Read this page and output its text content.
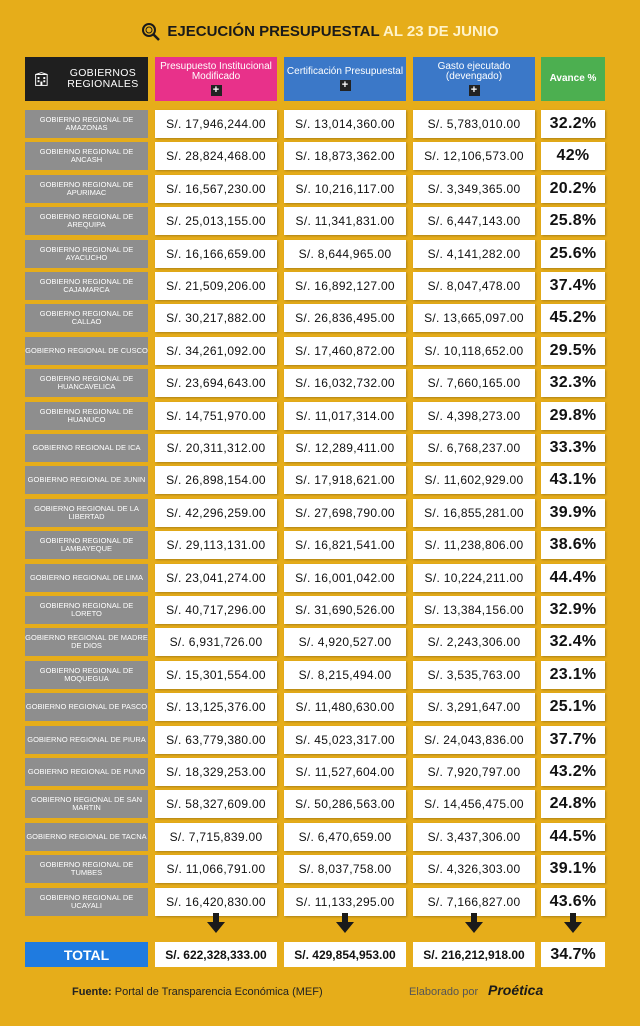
EJECUCIÓN PRESUPUESTAL AL 23 DE JUNIO
GOBIERNOS REGIONALES
Presupuesto Institucional Modificado
+
Certificación Presupuestal
+
Gasto ejecutado (devengado)
+
Avance %
GOBIERNO REGIONAL DE AMAZONAS	S/. 17,946,244.00	S/. 13,014,360.00	S/. 5,783,010.00	32.2%
GOBIERNO REGIONAL DE ANCASH	S/. 28,824,468.00	S/. 18,873,362.00	S/. 12,106,573.00	42%
GOBIERNO REGIONAL DE APURIMAC	S/. 16,567,230.00	S/. 10,216,117.00	S/. 3,349,365.00	20.2%
GOBIERNO REGIONAL DE AREQUIPA	S/. 25,013,155.00	S/. 11,341,831.00	S/. 6,447,143.00	25.8%
GOBIERNO REGIONAL DE AYACUCHO	S/. 16,166,659.00	S/. 8,644,965.00	S/. 4,141,282.00	25.6%
GOBIERNO REGIONAL DE CAJAMARCA	S/. 21,509,206.00	S/. 16,892,127.00	S/. 8,047,478.00	37.4%
GOBIERNO REGIONAL DE CALLAO	S/. 30,217,882.00	S/. 26,836,495.00	S/. 13,665,097.00	45.2%
GOBIERNO REGIONAL DE CUSCO	S/. 34,261,092.00	S/. 17,460,872.00	S/. 10,118,652.00	29.5%
GOBIERNO REGIONAL DE HUANCAVELICA	S/. 23,694,643.00	S/. 16,032,732.00	S/. 7,660,165.00	32.3%
GOBIERNO REGIONAL DE HUANUCO	S/. 14,751,970.00	S/. 11,017,314.00	S/. 4,398,273.00	29.8%
GOBIERNO REGIONAL DE ICA	S/. 20,311,312.00	S/. 12,289,411.00	S/. 6,768,237.00	33.3%
GOBIERNO REGIONAL DE JUNIN	S/. 26,898,154.00	S/. 17,918,621.00	S/. 11,602,929.00	43.1%
GOBIERNO REGIONAL DE LA LIBERTAD	S/. 42,296,259.00	S/. 27,698,790.00	S/. 16,855,281.00	39.9%
GOBIERNO REGIONAL DE LAMBAYEQUE	S/. 29,113,131.00	S/. 16,821,541.00	S/. 11,238,806.00	38.6%
GOBIERNO REGIONAL DE LIMA	S/. 23,041,274.00	S/. 16,001,042.00	S/. 10,224,211.00	44.4%
GOBIERNO REGIONAL DE LORETO	S/. 40,717,296.00	S/. 31,690,526.00	S/. 13,384,156.00	32.9%
GOBIERNO REGIONAL DE MADRE DE DIOS	S/. 6,931,726.00	S/. 4,920,527.00	S/. 2,243,306.00	32.4%
GOBIERNO REGIONAL DE MOQUEGUA	S/. 15,301,554.00	S/. 8,215,494.00	S/. 3,535,763.00	23.1%
GOBIERNO REGIONAL DE PASCO	S/. 13,125,376.00	S/. 11,480,630.00	S/. 3,291,647.00	25.1%
GOBIERNO REGIONAL DE PIURA	S/. 63,779,380.00	S/. 45,023,317.00	S/. 24,043,836.00	37.7%
GOBIERNO REGIONAL DE PUNO	S/. 18,329,253.00	S/. 11,527,604.00	S/. 7,920,797.00	43.2%
GOBIERNO REGIONAL DE SAN MARTIN	S/. 58,327,609.00	S/. 50,286,563.00	S/. 14,456,475.00	24.8%
GOBIERNO REGIONAL DE TACNA	S/. 7,715,839.00	S/. 6,470,659.00	S/. 3,437,306.00	44.5%
GOBIERNO REGIONAL DE TUMBES	S/. 11,066,791.00	S/. 8,037,758.00	S/. 4,326,303.00	39.1%
GOBIERNO REGIONAL DE UCAYALI	S/. 16,420,830.00	S/. 11,133,295.00	S/. 7,166,827.00	43.6%
TOTAL	S/. 622,328,333.00	S/. 429,854,953.00	S/. 216,212,918.00	34.7%
Fuente: Portal de Transparencia Económica (MEF)	Elaborado por Proética
